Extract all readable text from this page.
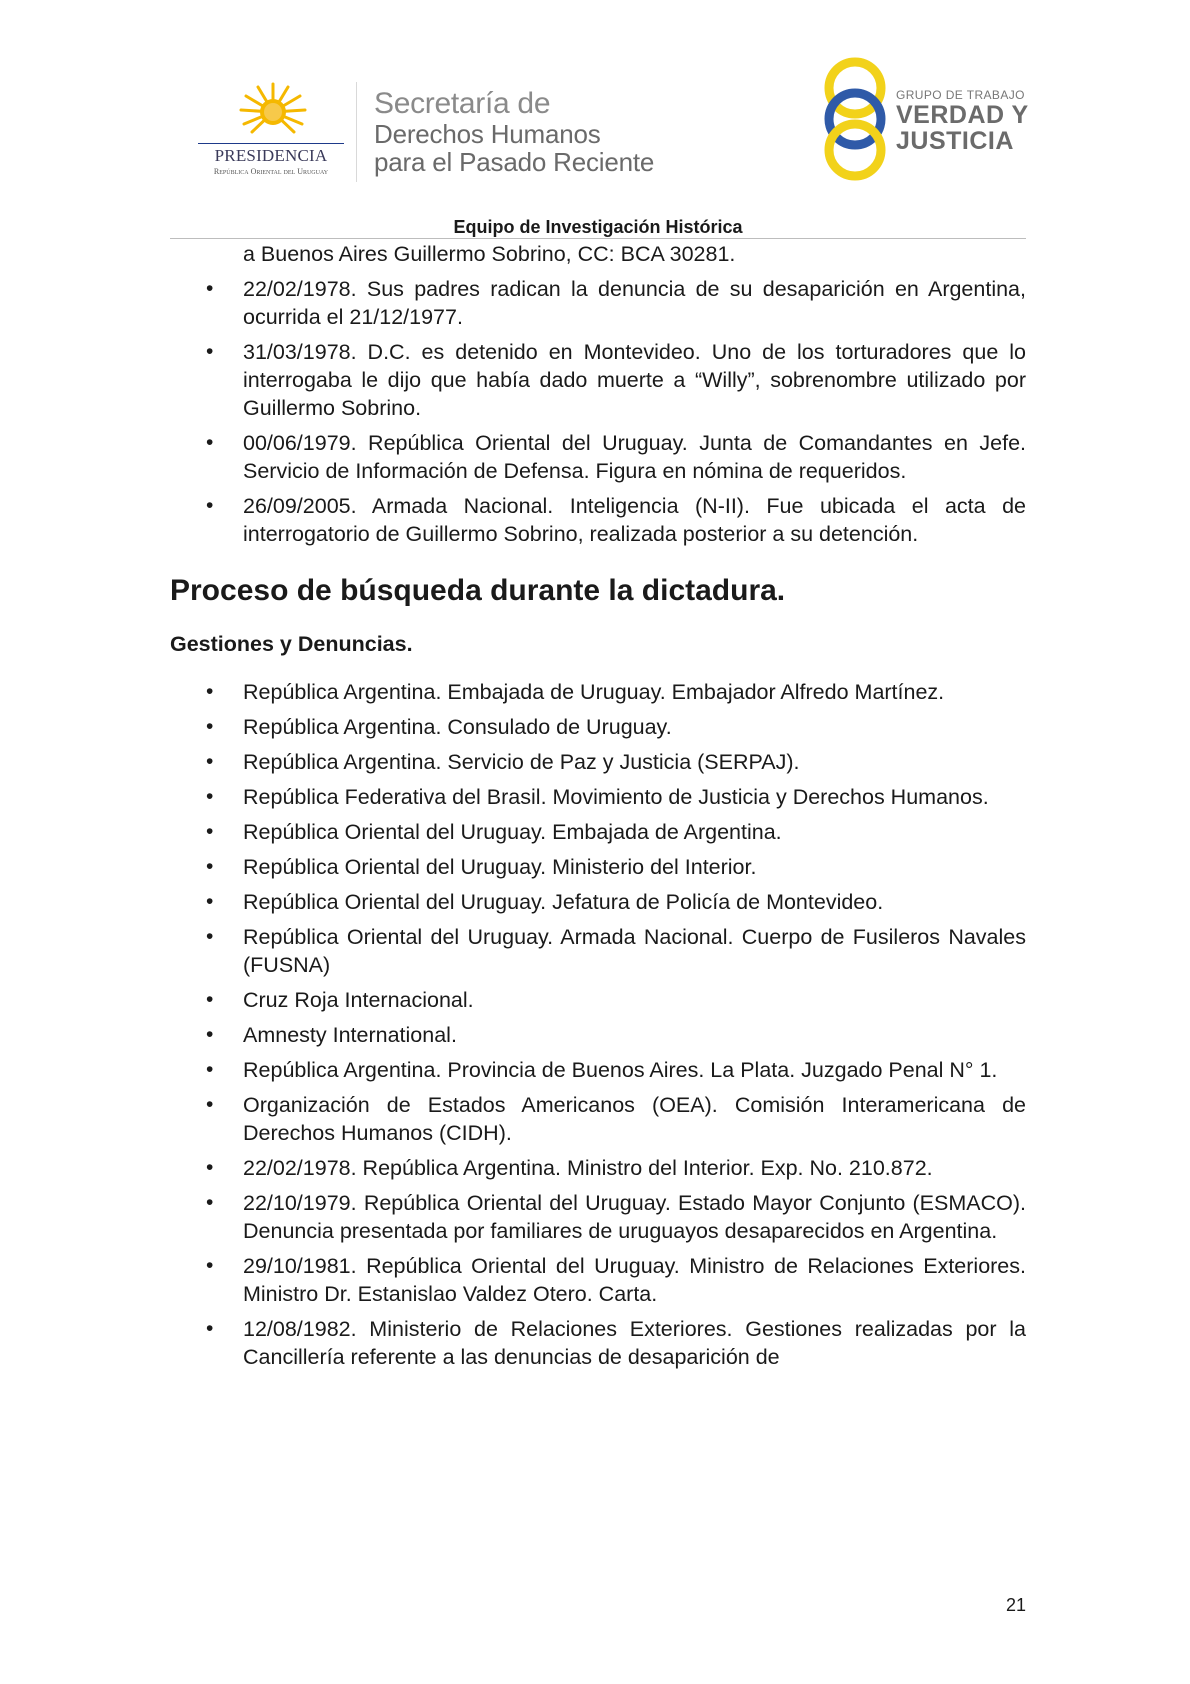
PRESIDENCIA
República Oriental del Uruguay
Secretaría de
Derechos Humanos
para el Pasado Reciente
GRUPO DE TRABAJO
VERDAD Y
JUSTICIA
Equipo de Investigación Histórica
a Buenos Aires Guillermo Sobrino, CC: BCA 30281.
• 22/02/1978. Sus padres radican la denuncia de su desaparición en Argentina, ocurrida el 21/12/1977.
• 31/03/1978. D.C. es detenido en Montevideo. Uno de los torturadores que lo interrogaba le dijo que había dado muerte a “Willy”, sobrenombre utilizado por Guillermo Sobrino.
• 00/06/1979. República Oriental del Uruguay. Junta de Comandantes en Jefe. Servicio de Información de Defensa. Figura en nómina de requeridos.
• 26/09/2005. Armada Nacional. Inteligencia (N-II). Fue ubicada el acta de interrogatorio de Guillermo Sobrino, realizada posterior a su detención.
Proceso de búsqueda durante la dictadura.
Gestiones y Denuncias.
• República Argentina. Embajada de Uruguay. Embajador Alfredo Martínez.
• República Argentina. Consulado de Uruguay.
• República Argentina. Servicio de Paz y Justicia (SERPAJ).
• República Federativa del Brasil. Movimiento de Justicia y Derechos Humanos.
• República Oriental del Uruguay. Embajada de Argentina.
• República Oriental del Uruguay. Ministerio del Interior.
• República Oriental del Uruguay. Jefatura de Policía de Montevideo.
• República Oriental del Uruguay. Armada Nacional. Cuerpo de Fusileros Navales (FUSNA)
• Cruz Roja Internacional.
• Amnesty International.
• República Argentina. Provincia de Buenos Aires. La Plata. Juzgado Penal N° 1.
• Organización de Estados Americanos (OEA). Comisión Interamericana de Derechos Humanos (CIDH).
• 22/02/1978. República Argentina. Ministro del Interior. Exp. No. 210.872.
• 22/10/1979. República Oriental del Uruguay. Estado Mayor Conjunto (ESMACO). Denuncia presentada por familiares de uruguayos desaparecidos en Argentina.
• 29/10/1981. República Oriental del Uruguay. Ministro de Relaciones Exteriores. Ministro Dr. Estanislao Valdez Otero. Carta.
• 12/08/1982. Ministerio de Relaciones Exteriores. Gestiones realizadas por la Cancillería referente a las denuncias de desaparición de
21
